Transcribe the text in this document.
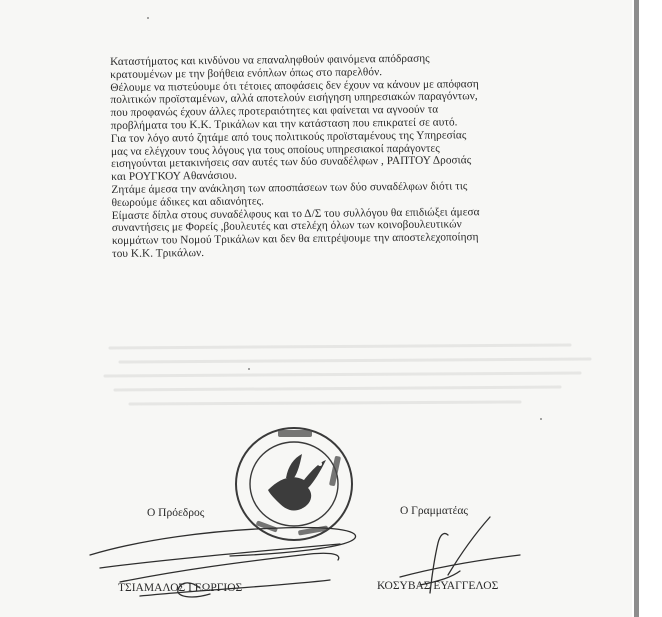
Καταστήματος και κινδύνου να επαναληφθούν φαινόμενα απόδρασης
κρατουμένων με την βοήθεια ενόπλων όπως στο παρελθόν.
Θέλουμε να πιστεύουμε ότι τέτοιες αποφάσεις δεν έχουν να κάνουν με απόφαση
πολιτικών προϊσταμένων, αλλά αποτελούν εισήγηση υπηρεσιακών παραγόντων,
που προφανώς έχουν άλλες προτεραιότητες και φαίνεται να αγνοούν τα
προβλήματα του Κ.Κ. Τρικάλων και την κατάσταση που επικρατεί σε αυτό.
Για τον λόγο αυτό ζητάμε από τους πολιτικούς προϊσταμένους της Υπηρεσίας
μας να ελέγχουν τους λόγους για τους οποίους υπηρεσιακοί παράγοντες
εισηγούνται μετακινήσεις σαν αυτές των δύο συναδέλφων , ΡΑΠΤΟΥ Δροσιάς
και ΡΟΥΓΚΟΥ Αθανάσιου.
Ζητάμε άμεσα την ανάκληση των αποσπάσεων των δύο συναδέλφων διότι τις
θεωρούμε άδικες και αδιανόητες.
Είμαστε δίπλα στους συναδέλφους και το Δ/Σ του συλλόγου θα επιδιώξει άμεσα
συναντήσεις με Φορείς ,βουλευτές και στελέχη όλων των κοινοβουλευτικών
κομμάτων του Νομού Τρικάλων και δεν θα επιτρέψουμε την αποστελεχοποίηση
του Κ.Κ. Τρικάλων.
Ο Πρόεδρος	Ο Γραμματέας
ΤΣΙΑΜΑΛΟΣ ΓΕΩΡΓΙΟΣ	ΚΟΣΥΒΑΣ ΕΥΑΓΓΕΛΟΣ
